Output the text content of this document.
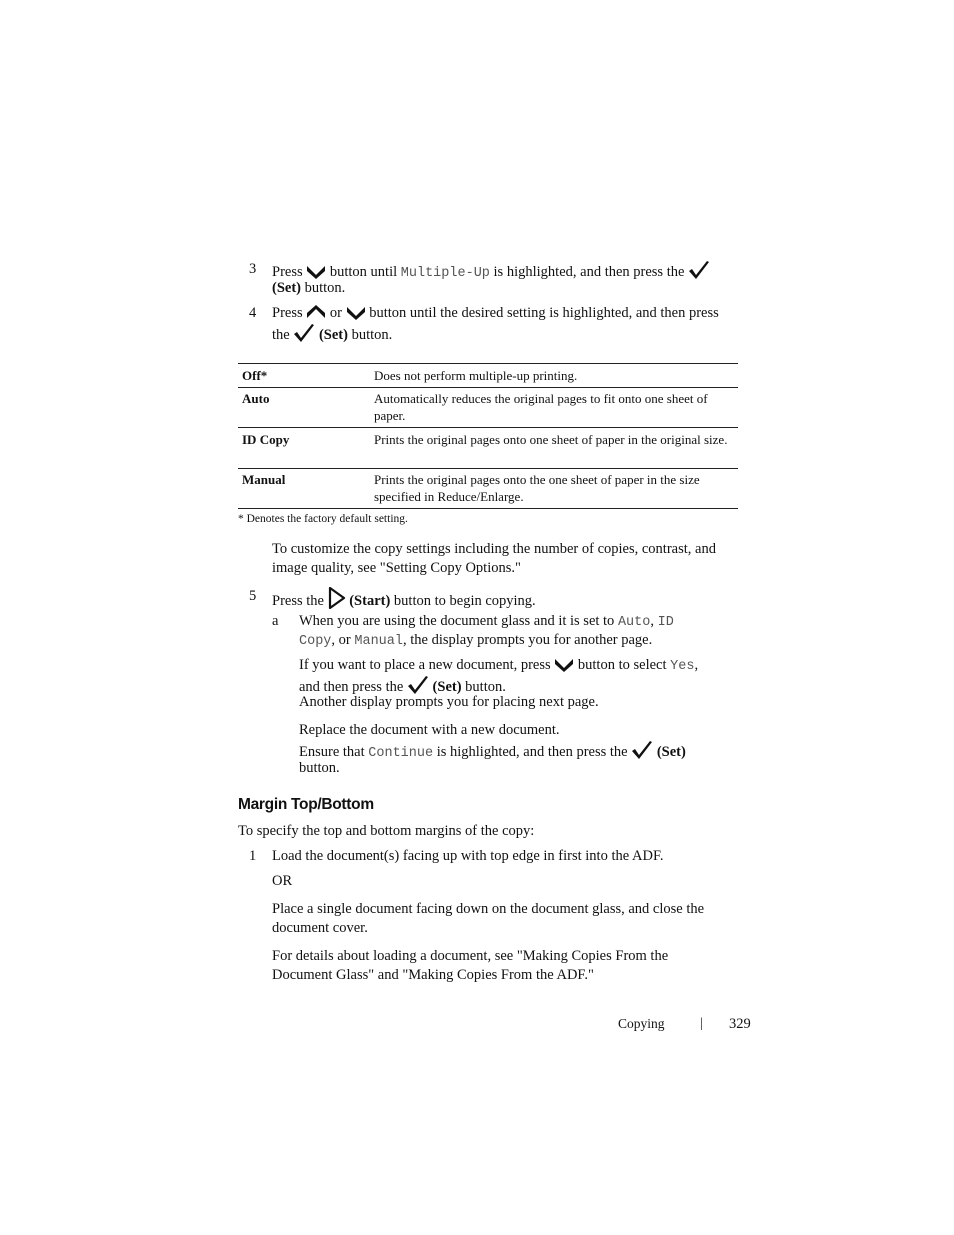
3 Press button until Multiple-Up is highlighted, and then press the
(Set) button.
4 Press or button until the desired setting is highlighted, and then press
the (Set) button.
Off*	Does not perform multiple-up printing.
Auto	Automatically reduces the original pages to fit onto one sheet of paper.
ID Copy	Prints the original pages onto one sheet of paper in the original size.
Manual	Prints the original pages onto the one sheet of paper in the size specified in Reduce/Enlarge.
* Denotes the factory default setting.
To customize the copy settings including the number of copies, contrast, and
image quality, see "Setting Copy Options."
5 Press the (Start) button to begin copying.
a When you are using the document glass and it is set to Auto, ID
Copy, or Manual, the display prompts you for another page.
If you want to place a new document, press button to select Yes,
and then press the (Set) button.
Another display prompts you for placing next page.
Replace the document with a new document.
Ensure that Continue is highlighted, and then press the (Set)
button.
Margin Top/Bottom
To specify the top and bottom margins of the copy:
1 Load the document(s) facing up with top edge in first into the ADF.
OR
Place a single document facing down on the document glass, and close the
document cover.
For details about loading a document, see "Making Copies From the
Document Glass" and "Making Copies From the ADF."
Copying	| 329
